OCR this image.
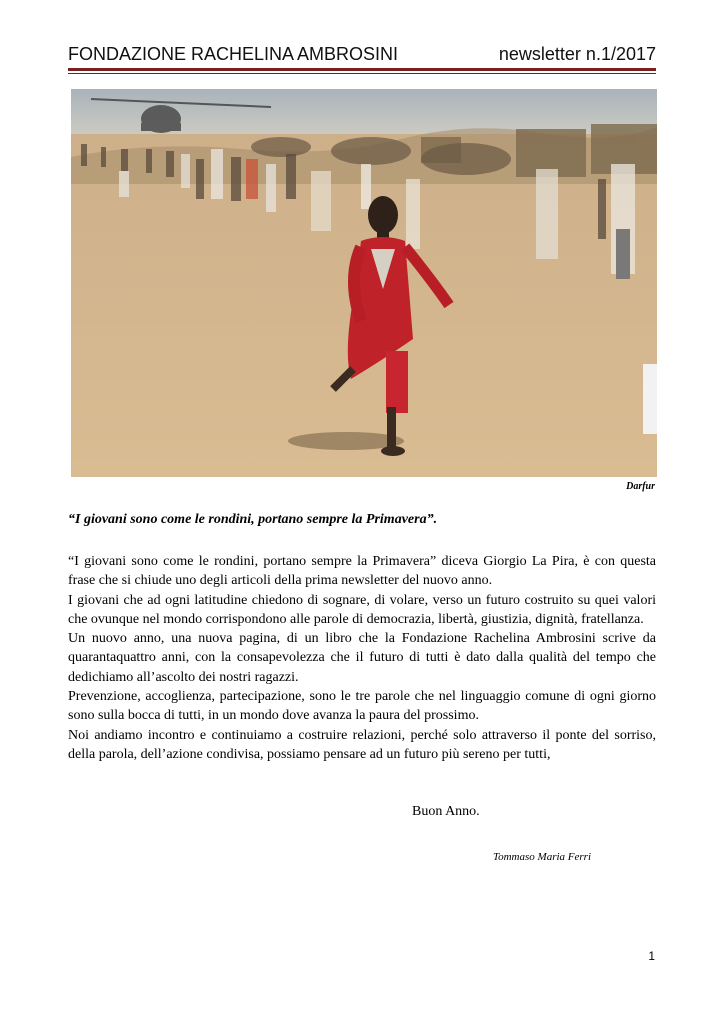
FONDAZIONE RACHELINA AMBROSINI	newsletter n.1/2017
Darfur
“I giovani sono come le rondini, portano sempre la Primavera”.

“I giovani sono come le rondini, portano sempre la Primavera” diceva Giorgio La Pira, è con questa frase che si chiude uno degli articoli della prima newsletter del nuovo anno.

I giovani che ad ogni latitudine chiedono di sognare, di volare, verso un futuro costruito su quei valori che ovunque nel mondo corrispondono alle parole di democrazia, libertà, giustizia, dignità, fratellanza.

Un nuovo anno, una nuova pagina, di un libro che la Fondazione Rachelina Ambrosini scrive da quarantaquattro anni, con la consapevolezza che il futuro di tutti è dato dalla qualità del tempo che dedichiamo all’ascolto dei nostri ragazzi.

Prevenzione, accoglienza, partecipazione, sono le tre parole che nel linguaggio comune di ogni giorno sono sulla bocca di tutti, in un mondo dove avanza la paura del prossimo.

Noi andiamo incontro e continuiamo a costruire relazioni, perché solo attraverso il ponte del sorriso, della parola, dell’azione condivisa, possiamo pensare ad un futuro più sereno per tutti,

Buon Anno.
Tommaso Maria Ferri
1
